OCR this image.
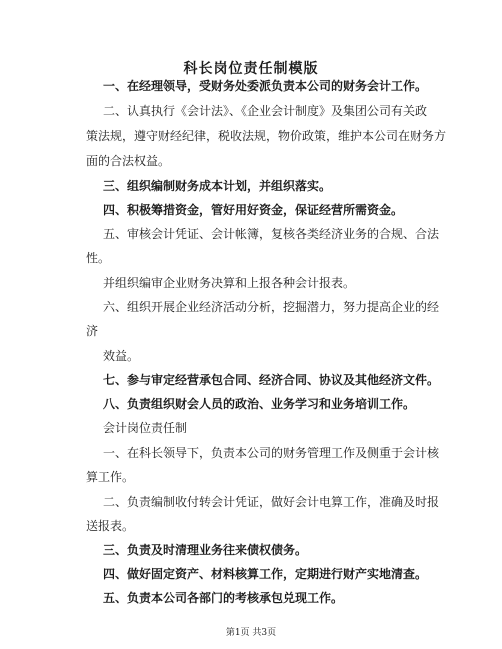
科长岗位责任制模版
一、在经理领导，受财务处委派负责本公司的财务会计工作。
二、认真执行《会计法》、《企业会计制度》及集团公司有关政
策法规，遵守财经纪律，税收法规，物价政策，维护本公司在财务方
面的合法权益。
三、组织编制财务成本计划，并组织落实。
四、积极筹措资金，管好用好资金，保证经营所需资金。
五、审核会计凭证、会计帐簿，复核各类经济业务的合规、合法
性。
并组织编审企业财务决算和上报各种会计报表。
六、组织开展企业经济活动分析，挖掘潜力，努力提高企业的经
济
效益。
七、参与审定经营承包合同、经济合同、协议及其他经济文件。
八、负责组织财会人员的政治、业务学习和业务培训工作。
会计岗位责任制
一、在科长领导下，负责本公司的财务管理工作及侧重于会计核
算工作。
二、负责编制收付转会计凭证，做好会计电算工作，准确及时报
送报表。
三、负责及时清理业务往来债权债务。
四、做好固定资产、材料核算工作，定期进行财产实地清查。
五、负责本公司各部门的考核承包兑现工作。
第1页 共3页
